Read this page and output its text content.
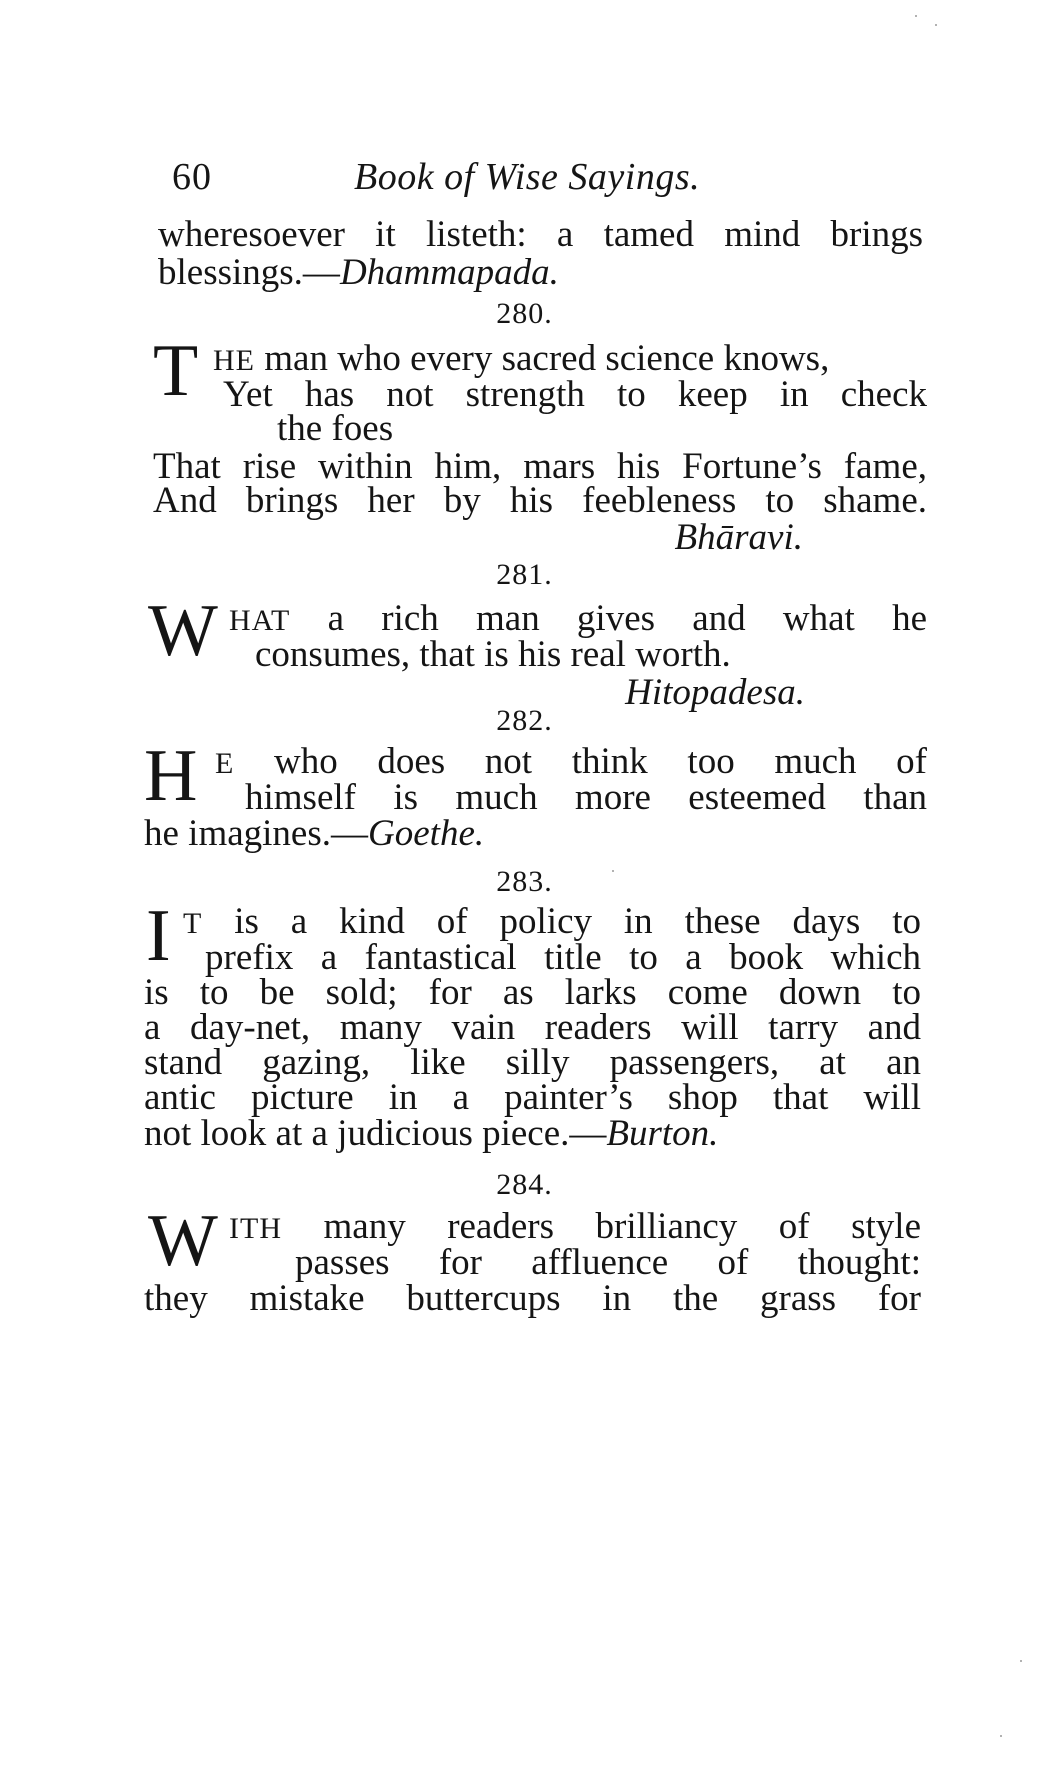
60	Book of Wise Sayings.
wheresoever it listeth: a tamed mind brings
blessings.—Dhammapada.
280.
T HE man who every sacred science knows,
Yet has not strength to keep in check
the foes
That rise within him, mars his Fortune’s fame,
And brings her by his feebleness to shame.
Bhāravi.
281.
W HAT a rich man gives and what he
consumes, that is his real worth.
Hitopadesa.
282.
H E who does not think too much of
himself is much more esteemed than
he imagines.—Goethe.
283.
I T is a kind of policy in these days to
prefix a fantastical title to a book which
is to be sold; for as larks come down to
a day-net, many vain readers will tarry and
stand gazing, like silly passengers, at an
antic picture in a painter’s shop that will
not look at a judicious piece.—Burton.
284.
W ITH many readers brilliancy of style
passes for affluence of thought:
they mistake buttercups in the grass for
